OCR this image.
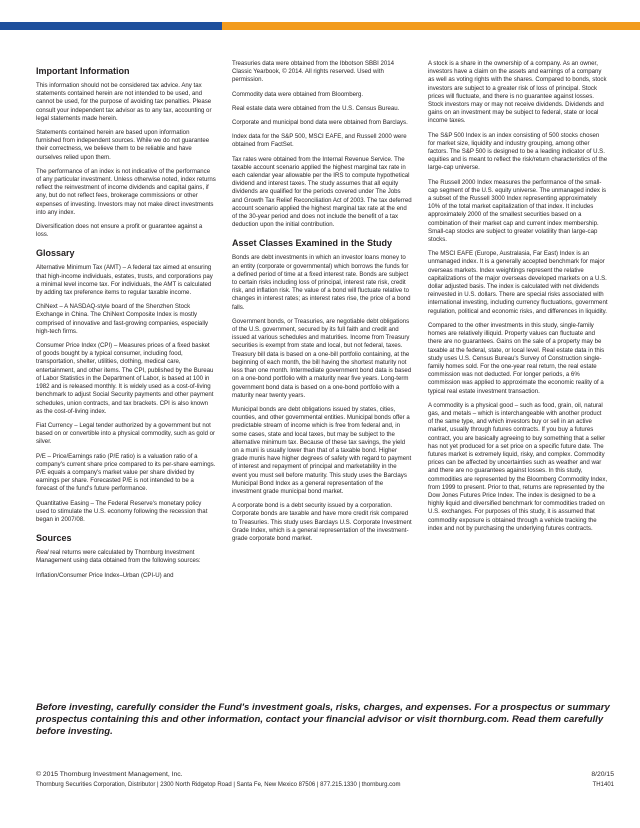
Important Information

This information should not be considered tax advice. Any tax statements contained herein are not intended to be used, and cannot be used, for the purpose of avoiding tax penalties. Please consult your independent tax advisor as to any tax, accounting or legal statements made herein.

Statements contained herein are based upon information furnished from independent sources. While we do not guarantee their correctness, we believe them to be reliable and have ourselves relied upon them.

The performance of an index is not indicative of the performance of any particular investment. Unless otherwise noted, index returns reflect the reinvestment of income dividends and capital gains, if any, but do not reflect fees, brokerage commissions or other expenses of investing. Investors may not make direct investments into any index.

Diversification does not ensure a profit or guarantee against a loss.

Glossary

Alternative Minimum Tax (AMT) – A federal tax aimed at ensuring that high-income individuals, estates, trusts, and corporations pay a minimal level income tax. For individuals, the AMT is calculated by adding tax preference items to regular taxable income.

ChiNext – A NASDAQ-style board of the Shenzhen Stock Exchange in China. The ChiNext Composite Index is mostly comprised of innovative and fast-growing companies, especially high-tech firms.

Consumer Price Index (CPI) – Measures prices of a fixed basket of goods bought by a typical consumer, including food, transportation, shelter, utilities, clothing, medical care, entertainment, and other items. The CPI, published by the Bureau of Labor Statistics in the Department of Labor, is based at 100 in 1982 and is released monthly. It is widely used as a cost-of-living benchmark to adjust Social Security payments and other payment schedules, union contracts, and tax brackets. CPI is also known as the cost-of-living index.

Fiat Currency – Legal tender authorized by a government but not based on or convertible into a physical commodity, such as gold or silver.

P/E – Price/Earnings ratio (P/E ratio) is a valuation ratio of a company's current share price compared to its per-share earnings. P/E equals a company's market value per share divided by earnings per share. Forecasted P/E is not intended to be a forecast of the fund's future performance.

Quantitative Easing – The Federal Reserve's monetary policy used to stimulate the U.S. economy following the recession that began in 2007/08.

Sources

Real real returns were calculated by Thornburg Investment Management using data obtained from the following sources:

Inflation/Consumer Price Index–Urban (CPI-U) and

Treasuries data were obtained from the Ibbotson SBBI 2014 Classic Yearbook, © 2014. All rights reserved. Used with permission.

Commodity data were obtained from Bloomberg.

Real estate data were obtained from the U.S. Census Bureau.

Corporate and municipal bond data were obtained from Barclays.

Index data for the S&P 500, MSCI EAFE, and Russell 2000 were obtained from FactSet.

Tax rates were obtained from the Internal Revenue Service. The taxable account scenario applied the highest marginal tax rate in each calendar year allowable per the IRS to compute hypothetical dividend and interest taxes. The study assumes that all equity dividends are qualified for the periods covered under The Jobs and Growth Tax Relief Reconciliation Act of 2003. The tax deferred account scenario applied the highest marginal tax rate at the end of the 30-year period and does not include the benefit of a tax deduction upon the initial contribution.

Asset Classes Examined in the Study

Bonds are debt investments in which an investor loans money to an entity (corporate or governmental) which borrows the funds for a defined period of time at a fixed interest rate. Bonds are subject to certain risks including loss of principal, interest rate risk, credit risk, and inflation risk. The value of a bond will fluctuate relative to changes in interest rates; as interest rates rise, the price of a bond falls.

Government bonds, or Treasuries, are negotiable debt obligations of the U.S. government, secured by its full faith and credit and issued at various schedules and maturities. Income from Treasury securities is exempt from state and local, but not federal, taxes. Treasury bill data is based on a one-bill portfolio containing, at the beginning of each month, the bill having the shortest maturity not less than one month. Intermediate government bond data is based on a one-bond portfolio with a maturity near five years. Long-term government bond data is based on a one-bond portfolio with a maturity near twenty years.

Municipal bonds are debt obligations issued by states, cities, counties, and other governmental entities. Municipal bonds offer a predictable stream of income which is free from federal and, in some cases, state and local taxes, but may be subject to the alternative minimum tax. Because of these tax savings, the yield on a muni is usually lower than that of a taxable bond. Higher grade munis have higher degrees of safety with regard to payment of interest and repayment of principal and marketability in the event you must sell before maturity. This study uses the Barclays Municipal Bond Index as a general representation of the investment grade municipal bond market.

A corporate bond is a debt security issued by a corporation. Corporate bonds are taxable and have more credit risk compared to Treasuries. This study uses Barclays U.S. Corporate Investment Grade Index, which is a general representation of the investment-grade corporate bond market.

A stock is a share in the ownership of a company. As an owner, investors have a claim on the assets and earnings of a company as well as voting rights with the shares. Compared to bonds, stock investors are subject to a greater risk of loss of principal. Stock prices will fluctuate, and there is no guarantee against losses. Stock investors may or may not receive dividends. Dividends and gains on an investment may be subject to federal, state or local income taxes.

The S&P 500 Index is an index consisting of 500 stocks chosen for market size, liquidity and industry grouping, among other factors. The S&P 500 is designed to be a leading indicator of U.S. equities and is meant to reflect the risk/return characteristics of the large-cap universe.

The Russell 2000 Index measures the performance of the small-cap segment of the U.S. equity universe. The unmanaged index is a subset of the Russell 3000 Index representing approximately 10% of the total market capitalization of that index. It includes approximately 2000 of the smallest securities based on a combination of their market cap and current index membership. Small-cap stocks are subject to greater volatility than large-cap stocks.

The MSCI EAFE (Europe, Australasia, Far East) Index is an unmanaged index. It is a generally accepted benchmark for major overseas markets. Index weightings represent the relative capitalizations of the major overseas developed markets on a U.S. dollar adjusted basis. The index is calculated with net dividends reinvested in U.S. dollars. There are special risks associated with international investing, including currency fluctuations, government regulation, political and economic risks, and differences in liquidity.

Compared to the other investments in this study, single-family homes are relatively illiquid. Property values can fluctuate and there are no guarantees. Gains on the sale of a property may be taxable at the federal, state, or local level. Real estate data in this study uses U.S. Census Bureau's Survey of Construction single-family homes sold. For the one-year real return, the real estate commission was not deducted. For longer periods, a 6% commission was applied to approximate the economic reality of a typical real estate investment transaction.

A commodity is a physical good – such as food, grain, oil, natural gas, and metals – which is interchangeable with another product of the same type, and which investors buy or sell in an active market, usually through futures contracts. If you buy a futures contract, you are basically agreeing to buy something that a seller has not yet produced for a set price on a specific future date. The futures market is extremely liquid, risky, and complex. Commodity prices can be affected by uncertainties such as weather and war and there are no guarantees against losses. In this study, commodities are represented by the Bloomberg Commodity Index, from 1999 to present. Prior to that, returns are represented by the Dow Jones Futures Price Index. The index is designed to be a highly liquid and diversified benchmark for commodities traded on U.S. exchanges. For purposes of this study, it is assumed that commodity exposure is obtained through a vehicle tracking the index and not by purchasing the underlying futures contracts.

Before investing, carefully consider the Fund's investment goals, risks, charges, and expenses. For a prospectus or summary prospectus containing this and other information, contact your financial advisor or visit thornburg.com. Read them carefully before investing.
© 2015 Thornburg Investment Management, Inc.	8/20/15
Thornburg Securities Corporation, Distributor | 2300 North Ridgetop Road | Santa Fe, New Mexico 87506 | 877.215.1330 | thornburg.com	TH1401
